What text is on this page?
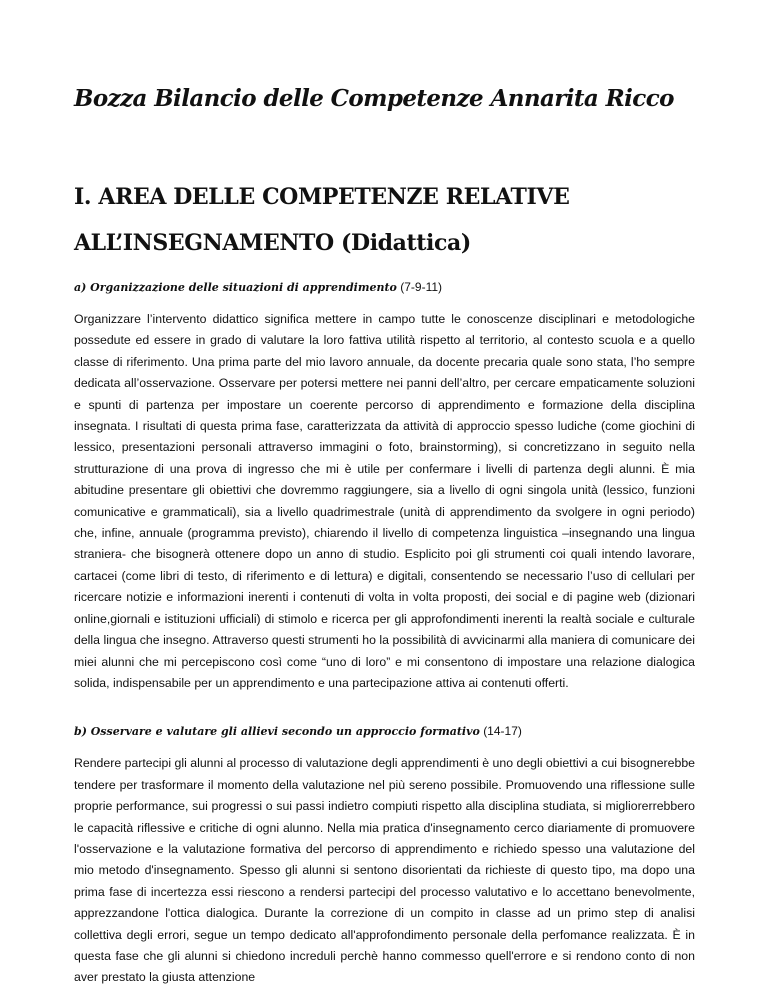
Bozza Bilancio delle Competenze Annarita Ricco
I. AREA DELLE COMPETENZE RELATIVE ALL’INSEGNAMENTO (Didattica)

a) Organizzazione delle situazioni di apprendimento (7-9-11)

Organizzare l’intervento didattico significa mettere in campo tutte le conoscenze disciplinari e metodologiche possedute ed essere in grado di valutare la loro fattiva utilità rispetto al territorio, al contesto scuola e a quello classe di riferimento. Una prima parte del mio lavoro annuale, da docente precaria quale sono stata, l’ho sempre dedicata all’osservazione. Osservare per potersi mettere nei panni dell’altro, per cercare empaticamente soluzioni e spunti di partenza per impostare un coerente percorso di apprendimento e formazione della disciplina insegnata. I risultati di questa prima fase, caratterizzata da attività di approccio spesso ludiche (come giochini di lessico, presentazioni personali attraverso immagini o foto, brainstorming), si concretizzano in seguito nella strutturazione di una prova di ingresso che mi è utile per confermare i livelli di partenza degli alunni. È mia abitudine presentare gli obiettivi che dovremmo raggiungere, sia a livello di ogni singola unità (lessico, funzioni comunicative e grammaticali), sia a livello quadrimestrale (unità di apprendimento da svolgere in ogni periodo) che, infine, annuale (programma previsto), chiarendo il livello di competenza linguistica –insegnando una lingua straniera- che bisognerà ottenere dopo un anno di studio. Esplicito poi gli strumenti coi quali intendo lavorare, cartacei (come libri di testo, di riferimento e di lettura) e digitali, consentendo se necessario l’uso di cellulari per ricercare notizie e informazioni inerenti i contenuti di volta in volta proposti, dei social e di pagine web (dizionari online,giornali e istituzioni ufficiali) di stimolo e ricerca per gli approfondimenti inerenti la realtà sociale e culturale della lingua che insegno. Attraverso questi strumenti ho la possibilità di avvicinarmi alla maniera di comunicare dei miei alunni che mi percepiscono così come “uno di loro” e mi consentono di impostare una relazione dialogica solida, indispensabile per un apprendimento e una partecipazione attiva ai contenuti offerti.

b) Osservare e valutare gli allievi secondo un approccio formativo (14-17)

Rendere partecipi gli alunni al processo di valutazione degli apprendimenti è uno degli obiettivi a cui bisognerebbe tendere per trasformare il momento della valutazione nel più sereno possibile. Promuovendo una riflessione sulle proprie performance, sui progressi o sui passi indietro compiuti rispetto alla disciplina studiata, si migliorerrebbero le capacità riflessive e critiche di ogni alunno. Nella mia pratica d'insegnamento cerco diariamente di promuovere l'osservazione e la valutazione formativa del percorso di apprendimento e richiedo spesso una valutazione del mio metodo d'insegnamento. Spesso gli alunni si sentono disorientati da richieste di questo tipo, ma dopo una prima fase di incertezza essi riescono a rendersi partecipi del processo valutativo e lo accettano benevolmente, apprezzandone l'ottica dialogica. Durante la correzione di un compito in classe ad un primo step di analisi collettiva degli errori, segue un tempo dedicato all'approfondimento personale della perfomance realizzata. È in questa fase che gli alunni si chiedono increduli perchè hanno commesso quell'errore e si rendono conto di non aver prestato la giusta attenzione
